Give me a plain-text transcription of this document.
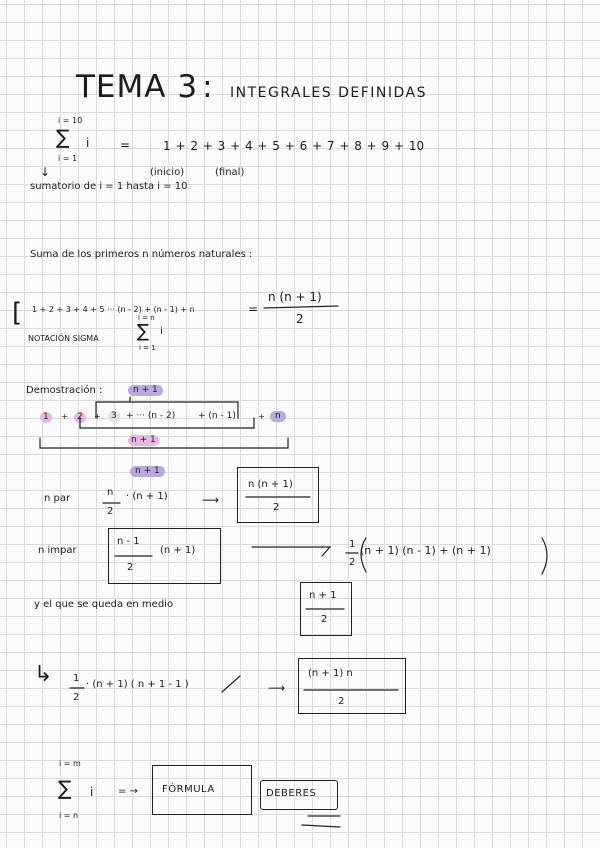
TEMA 3 : INTEGRALES DEFINIDAS
i = 10
∑ i	=	1 + 2 + 3 + 4 + 5 + 6 + 7 + 8 + 9 + 10
i = 1
↓	(inicio)	(final)
sumatorio de i = 1 hasta i = 10
Suma de los primeros n números naturales :
[ 1 + 2 + 3 + 4 + 5 ··· (n - 2) + (n - 1) + n	=
n (n + 1)
2
NOTACIÓN SIGMA
i = n
∑ i
i = 1
Demostración :	n + 1
1	+	2	+	3	+ ··· (n - 2)	+ (n - 1)	+	n
n + 1
n + 1
n par
n
2
· (n + 1)	⟶
n (n + 1)
2
n impar
n - 1
2
(n + 1)
1
2
(n + 1) (n - 1) + (n + 1)
y el que se queda en medio
n + 1
2
↳ 1
2
· (n + 1) ( n + 1 - 1 )	⟶
(n + 1) n
2
i = m
∑ i = →
i = n
FÓRMULA	DEBERES
